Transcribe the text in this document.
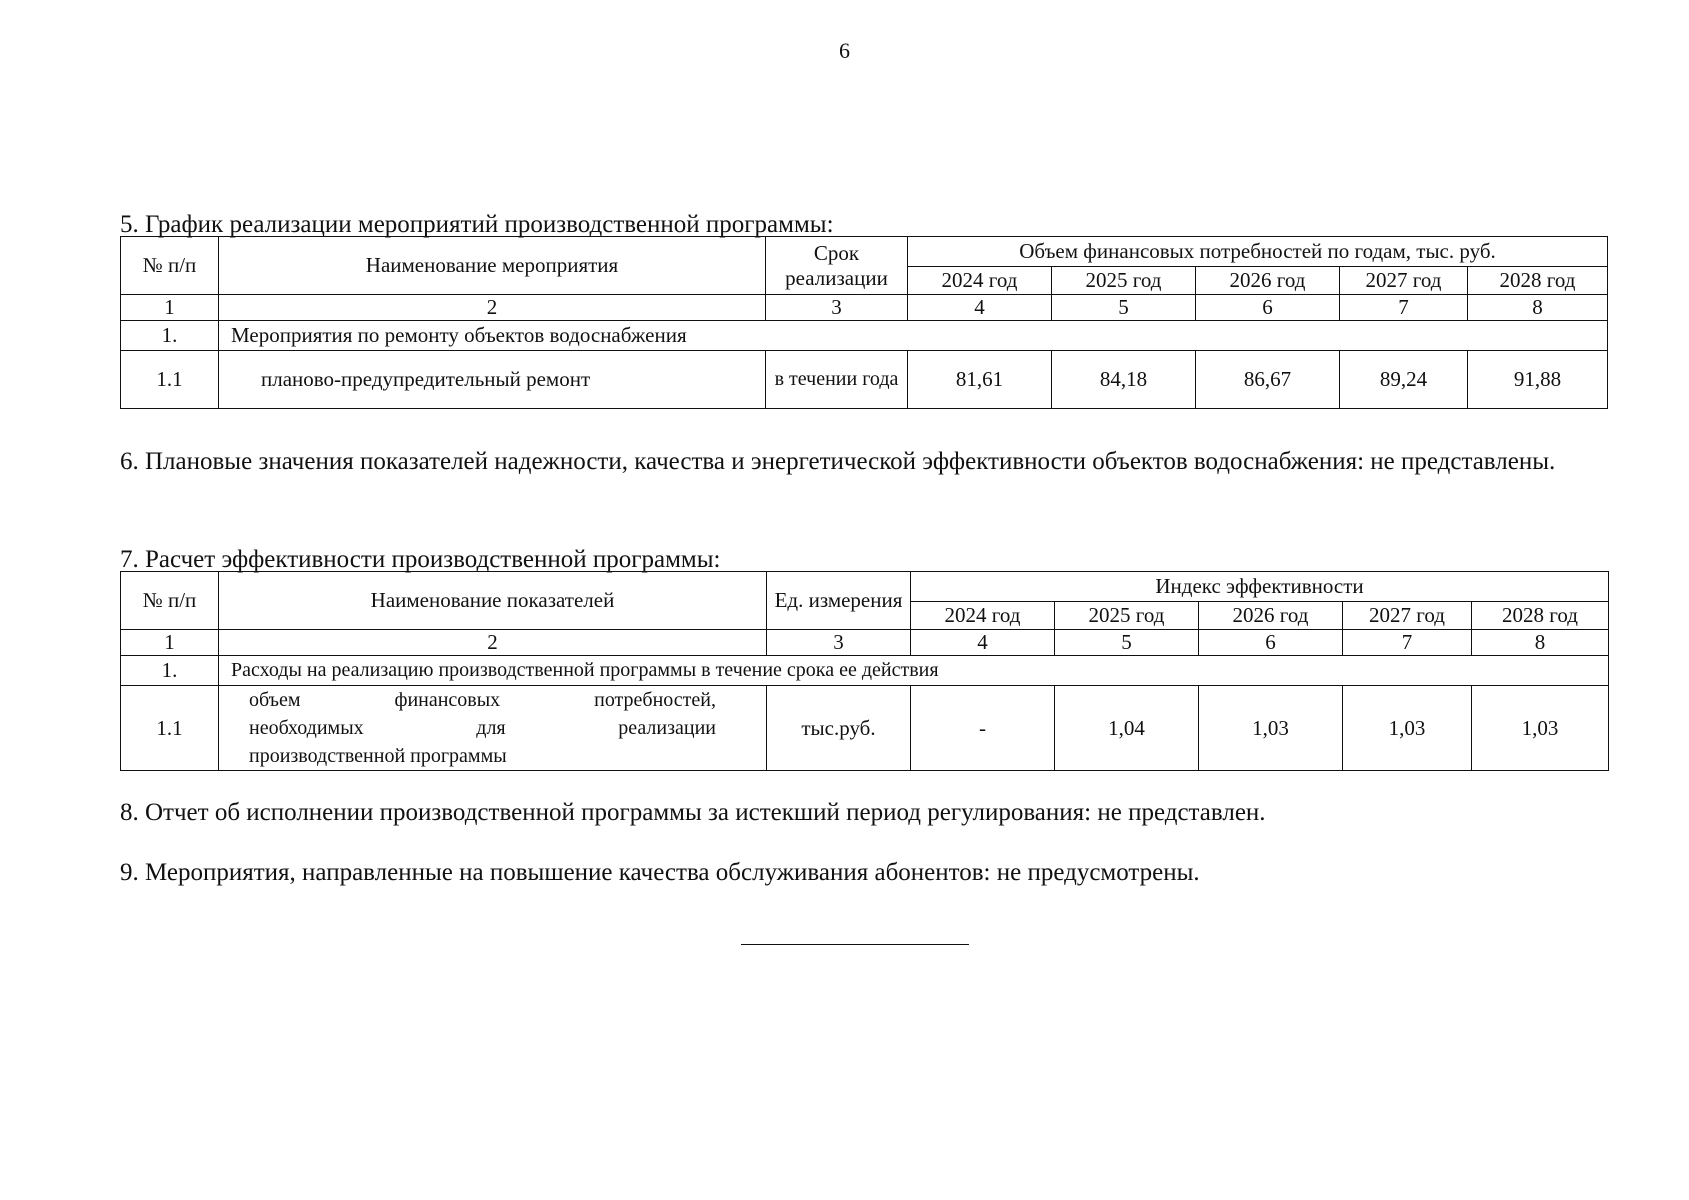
6
5. График реализации мероприятий производственной программы:
№ п/п	Наименование мероприятия	Срок реализации	Объем финансовых потребностей по годам, тыс. руб.				
			2024 год	2025 год	2026 год	2027 год	2028 год
1	2	3	4	5	6	7	8
1.	Мероприятия по ремонту объектов водоснабжения						
1.1	планово-предупредительный ремонт	в течении года	81,61	84,18	86,67	89,24	91,88
6. Плановые значения показателей надежности, качества и энергетической эффективности объектов водоснабжения: не представлены.
7. Расчет эффективности производственной программы:
№ п/п	Наименование показателей	Ед. измерения	Индекс эффективности				
			2024 год	2025 год	2026 год	2027 год	2028 год
1	2	3	4	5	6	7	8
1.	Расходы на реализацию производственной программы в течение срока ее действия						
1.1	объем финансовых потребностей,
необходимых для реализации
производственной программы	тыс.руб.	-	1,04	1,03	1,03	1,03
8. Отчет об исполнении производственной программы за истекший период регулирования: не представлен.
9. Мероприятия, направленные на повышение качества обслуживания абонентов: не предусмотрены.
